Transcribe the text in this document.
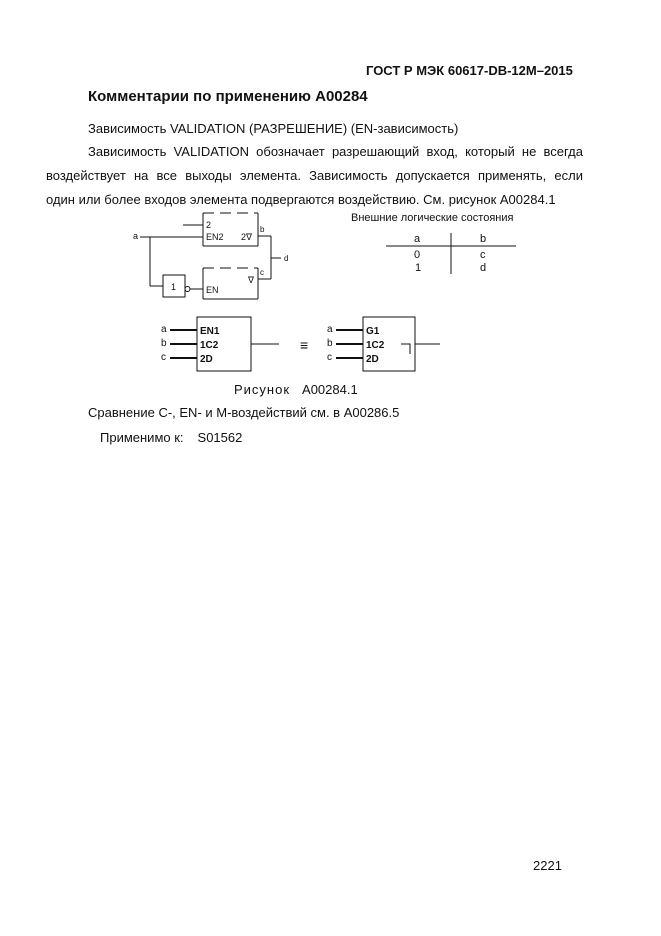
ГОСТ Р МЭК 60617-DB-12M–2015
Комментарии по применению A00284
Зависимость VALIDATION (РАЗРЕШЕНИЕ) (EN-зависимость)

Зависимость VALIDATION обозначает разрешающий вход, который не всегда

воздействует на все выходы элемента. Зависимость допускается применять, если

один или более входов элемента подвергаются воздействию. См. рисунок A00284.1

a
2
EN2 2∇
b
EN
∇
c
d
1
Внешние логические состояния
a	b
0	c
1	d
a
b
c
EN1
1C2
2D
≡
a
b
c
G1
1C2
2D
Рисунок A00284.1
Сравнение C-, EN- и M-воздействий см. в A00286.5
Применимо к: S01562
2221
